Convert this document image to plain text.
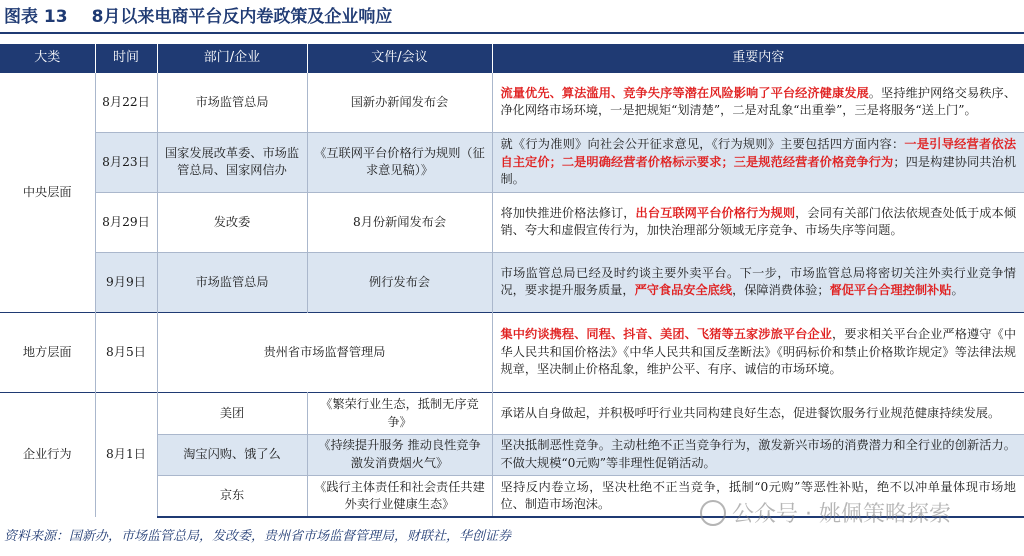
图表 13 8月以来电商平台反内卷政策及企业响应
大类	时间	部门/企业	文件/会议	重要内容
中央层面	8月22日	市场监管总局	国新办新闻发布会	流量优先、算法滥用、竞争失序等潜在风险影响了平台经济健康发展。坚持维护网络交易秩序、净化网络市场环境，一是把规矩“划清楚”，二是对乱象“出重拳”，三是将服务“送上门”。
	8月23日	国家发展改革委、市场监管总局、国家网信办	《互联网平台价格行为规则（征求意见稿）》	就《行为准则》向社会公开征求意见，《行为规则》主要包括四方面内容：一是引导经营者依法自主定价；二是明确经营者价格标示要求；三是规范经营者价格竞争行为；四是构建协同共治机制。
	8月29日	发改委	8月份新闻发布会	将加快推进价格法修订，出台互联网平台价格行为规则，会同有关部门依法依规查处低于成本倾销、夸大和虚假宣传行为，加快治理部分领域无序竞争、市场失序等问题。
	9月9日	市场监管总局	例行发布会	市场监管总局已经及时约谈主要外卖平台。下一步，市场监管总局将密切关注外卖行业竞争情况，要求提升服务质量，严守食品安全底线，保障消费体验；督促平台合理控制补贴。
地方层面	8月5日	贵州省市场监督管理局		集中约谈携程、同程、抖音、美团、飞猪等五家涉旅平台企业，要求相关平台企业严格遵守《中华人民共和国价格法》《中华人民共和国反垄断法》《明码标价和禁止价格欺诈规定》等法律法规规章，坚决制止价格乱象，维护公平、有序、诚信的市场环境。
企业行为	8月1日	美团	《繁荣行业生态，抵制无序竞争》	承诺从自身做起，并积极呼吁行业共同构建良好生态，促进餐饮服务行业规范健康持续发展。
		淘宝闪购、饿了么	《持续提升服务 推动良性竞争 激发消费烟火气》	坚决抵制恶性竞争。主动杜绝不正当竞争行为，激发新兴市场的消费潜力和全行业的创新活力。不做大规模“0元购”等非理性促销活动。
		京东	《践行主体责任和社会责任共建外卖行业健康生态》	坚持反内卷立场，坚决杜绝不正当竞争，抵制“0元购”等恶性补贴，绝不以冲单量体现市场地位、制造市场泡沫。	公众号 · 姚佩策略探索
资料来源：国新办，市场监管总局，发改委，贵州省市场监督管理局，财联社，华创证券
